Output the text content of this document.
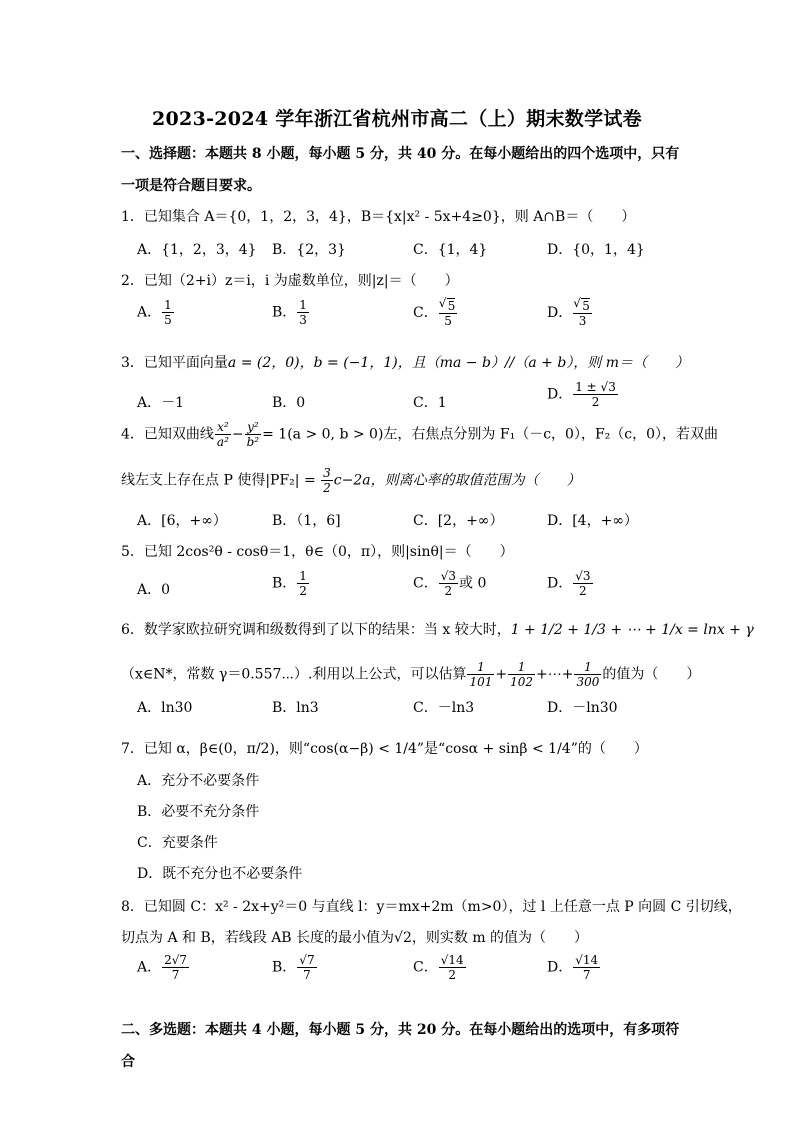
2023-2024 学年浙江省杭州市高二（上）期末数学试卷
一、选择题：本题共 8 小题，每小题 5 分，共 40 分。在每小题给出的四个选项中，只有一项是符合题目要求。
1．已知集合 A＝{0，1，2，3，4}，B＝{x|x² - 5x+4≥0}，则 A∩B＝（　　）
A．{1，2，3，4} B．{2，3}	C．{1，4}	D．{0，1，4}
2．已知（2+i）z＝i，i 为虚数单位，则|z|＝（　　）
A． $\frac{1}{5}$	B． $\frac{1}{3}$	C． √ $\frac{5}{5}$	D． √ $\frac{5}{3}$
3．已知平面向量a = (2，0)，b = (−1，1)，且（ma − b）//（a + b），则 m＝（　　）
A．－1	B．0	C．1
D． $\frac{1 \pm √3}{2}$
4．已知双曲线 $\frac{\text{x²}}{\text{a²}} - \frac{\text{y²}}{\text{b²}} = 1(a > 0$, b > 0)左，右焦点分别为 F₁（－c，0），F₂（c，0），若双曲
线左支上存在点 P 使得$|PF_2| = \frac{3}{2} c-2a$，则离心率的取值范围为（　　）
A．[6，+∞）	B．（1，6]	C．[2，+∞）	D．[4，+∞）
5．已知 2cos²θ - cosθ＝1，θ∈（0，π），则|sinθ|＝（　　）
A．0	B． $\frac{1}{2}$	C． $\frac{√3}{2}$ 或 0	D． $\frac{√3}{2}$
6．数学家欧拉研究调和级数得到了以下的结果：当 x 较大时，1 + 1/2 + 1/3 + ⋯ + 1/x = lnx + γ
（x∈N*，常数 γ＝0.557⋯）.利用以上公式，可以估算 $\frac{1}{101} + \frac{1}{102}$ +⋯+ $\frac{1}{300}$ 的值为（　　）
A．ln30	B．ln3	C．－ln3	D．－ln30
7．已知 α，β∈(0，π/2)，则“cos(α−β) < 1/4”是“cosα + sinβ < 1/4”的（　　）
A．充分不必要条件
B．必要不充分条件
C．充要条件
D．既不充分也不必要条件
8．已知圆 C：x² - 2x+y²＝0 与直线 l：y＝mx+2m（m>0），过 l 上任意一点 P 向圆 C 引切线，
切点为 A 和 B，若线段 AB 长度的最小值为√2，则实数 m 的值为（　　）
A． $\frac{2√7}{7}$	B． $\frac{√7}{7}$	C． $\frac{√14}{2}$	D． $\frac{√14}{7}$
二、多选题：本题共 4 小题，每小题 5 分，共 20 分。在每小题给出的选项中，有多项符合
